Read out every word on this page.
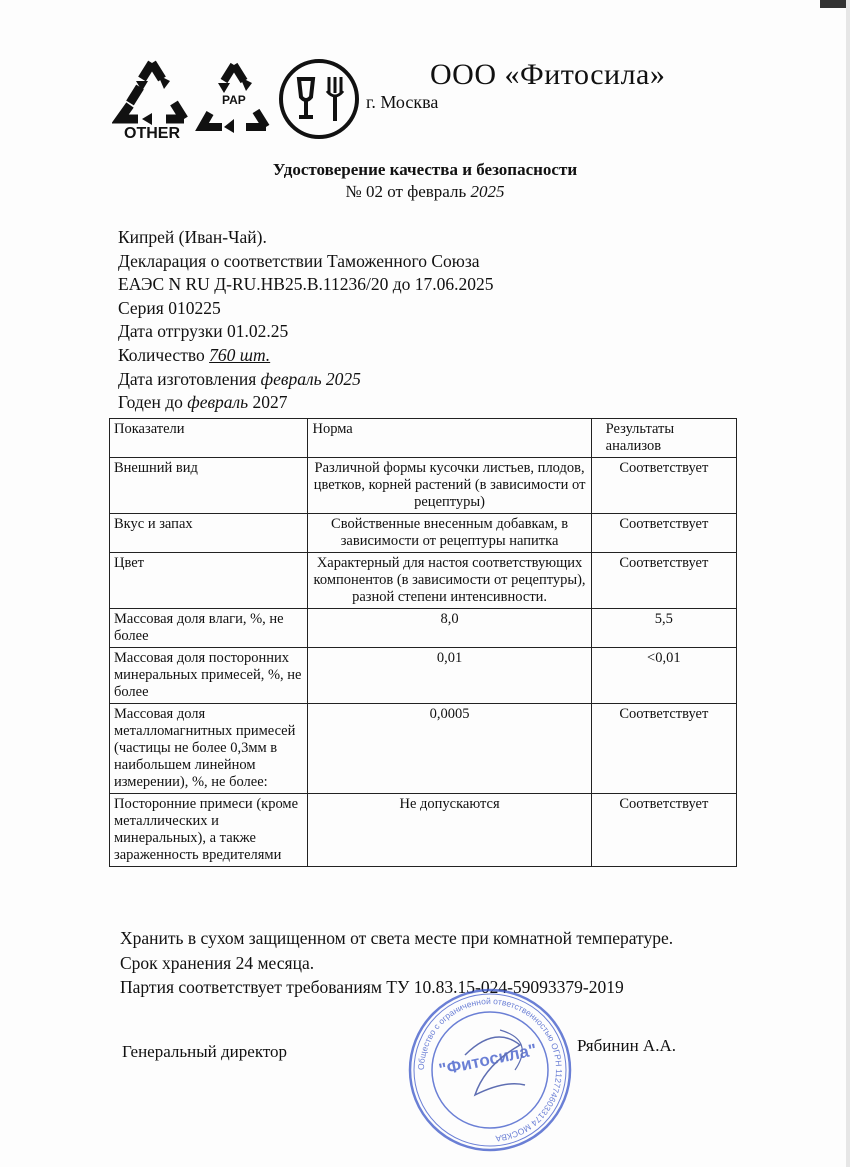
OTHER
PAP
ООО «Фитосила»
г. Москва
Удостоверение качества и безопасности
№ 02 от февраль 2025
Кипрей (Иван-Чай).
Декларация о соответствии Таможенного Союза
ЕАЭС N RU Д-RU.HB25.B.11236/20 до 17.06.2025
Серия 010225
Дата отгрузки 01.02.25
Количество 760 шт.
Дата изготовления февраль 2025
Годен до февраль 2027
Показатели	Норма	Результаты анализов
Внешний вид	Различной формы кусочки листьев, плодов, цветков, корней растений (в зависимости от рецептуры)	Соответствует
Вкус и запах	Свойственные внесенным добавкам, в зависимости от рецептуры напитка	Соответствует
Цвет	Характерный для настоя соответствующих компонентов (в зависимости от рецептуры), разной степени интенсивности.	Соответствует
Массовая доля влаги, %, не более	8,0	5,5
Массовая доля посторонних минеральных примесей, %, не более	0,01	<0,01
Массовая доля металломагнитных примесей (частицы не более 0,3мм в наибольшем линейном измерении), %, не более:	0,0005	Соответствует
Посторонние примеси (кроме металлических и минеральных), а также зараженность вредителями	Не допускаются	Соответствует
Хранить в сухом защищенном от света месте при комнатной температуре.
Срок хранения 24 месяца.
Партия соответствует требованиям ТУ 10.83.15-024-59093379-2019
Генеральный директор
Общество с ограниченной ответственностью ОГРН 1127746033174 МОСКВА
"Фитосила" Рябинин А.А.
